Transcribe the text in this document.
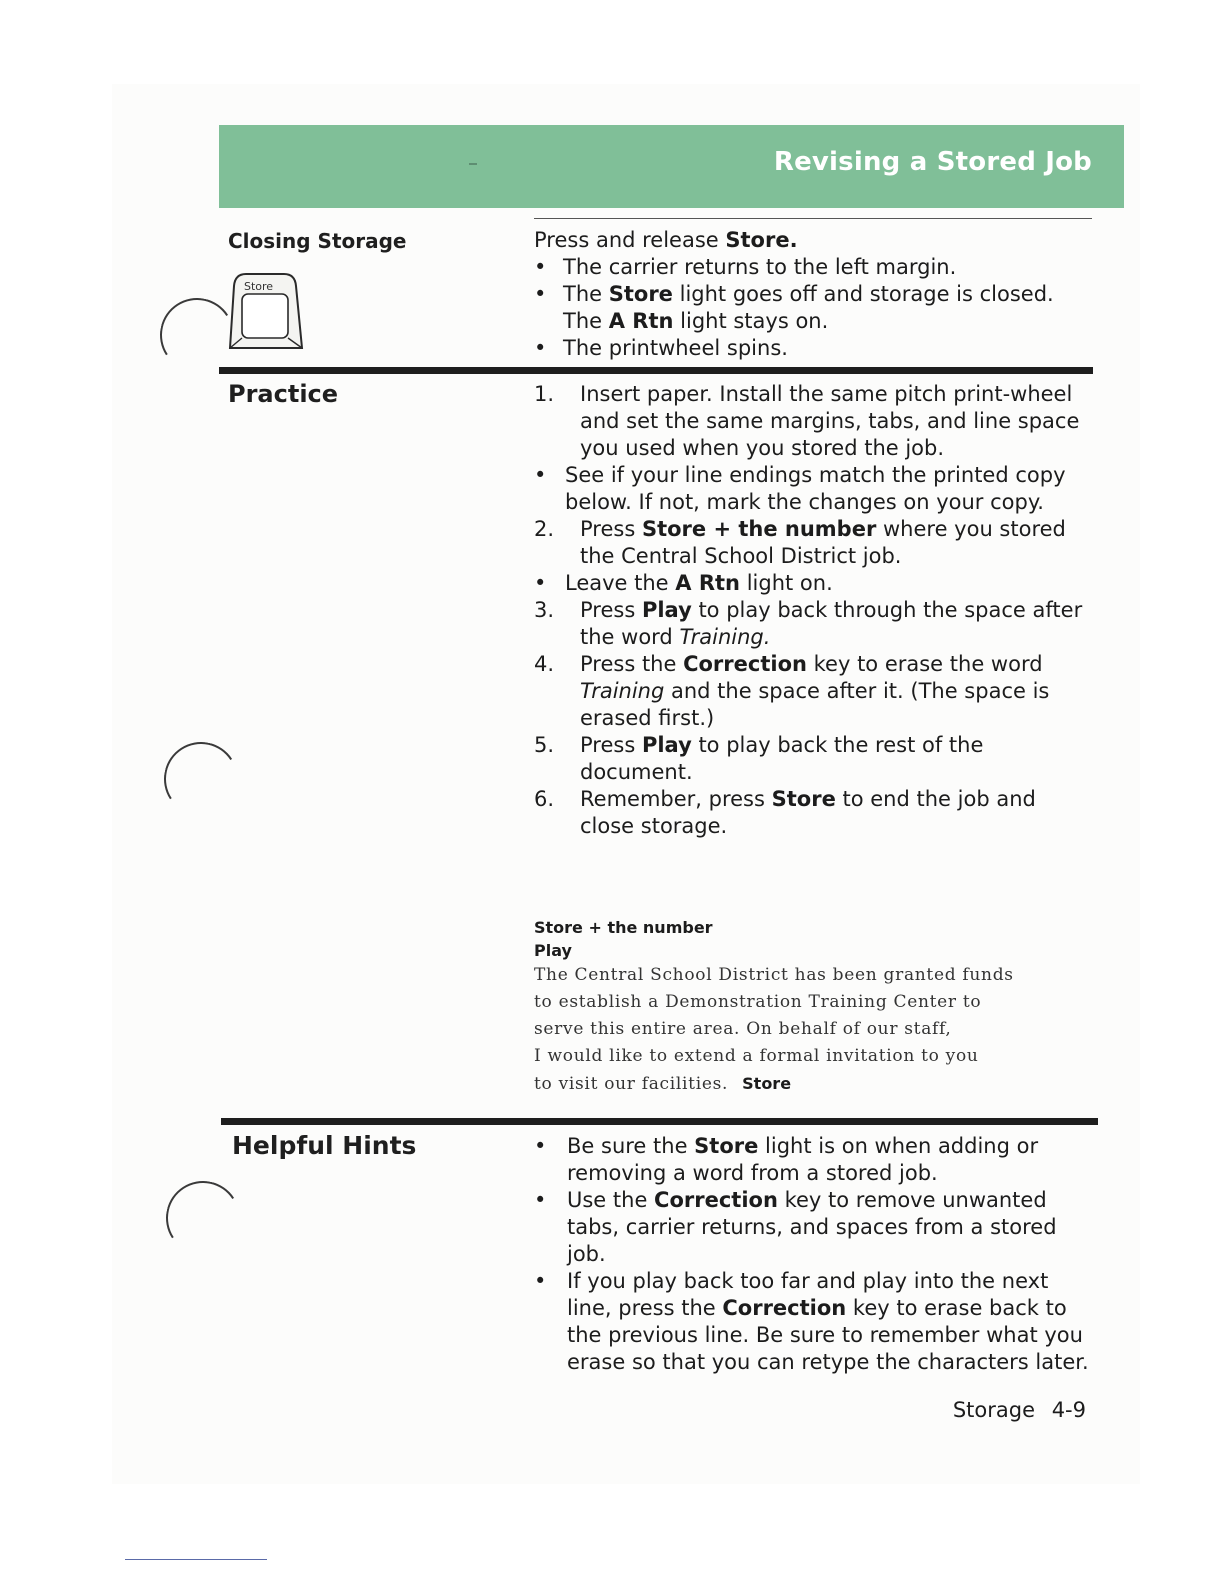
Revising a Stored Job
Closing Storage
Store

Press and release Store.

• The carrier returns to the left margin.

• The Store light goes off and storage is closed. The A Rtn light stays on.

• The printwheel spins.

Practice	1. Insert paper. Install the same pitch print-wheel and set the same margins, tabs, and line space you used when you stored the job.

• See if your line endings match the printed copy below. If not, mark the changes on your copy.

2. Press Store + the number where you stored the Central School District job.

• Leave the A Rtn light on.

3. Press Play to play back through the space after the word Training.

4. Press the Correction key to erase the word Training and the space after it. (The space is erased first.)

5. Press Play to play back the rest of the document.

6. Remember, press Store to end the job and close storage.

Store + the number

Play

The Central School District has been granted funds
to establish a Demonstration Training Center to
serve this entire area. On behalf of our staff,
I would like to extend a formal invitation to you
to visit our facilities. Store

Helpful Hints

•	Be sure the Store light is on when adding or removing a word from a stored job.

• Use the Correction key to remove unwanted tabs, carrier returns, and spaces from a stored job.

• If you play back too far and play into the next line, press the Correction key to erase back to the previous line. Be sure to remember what you erase so that you can retype the characters later.

Storage 4-9
